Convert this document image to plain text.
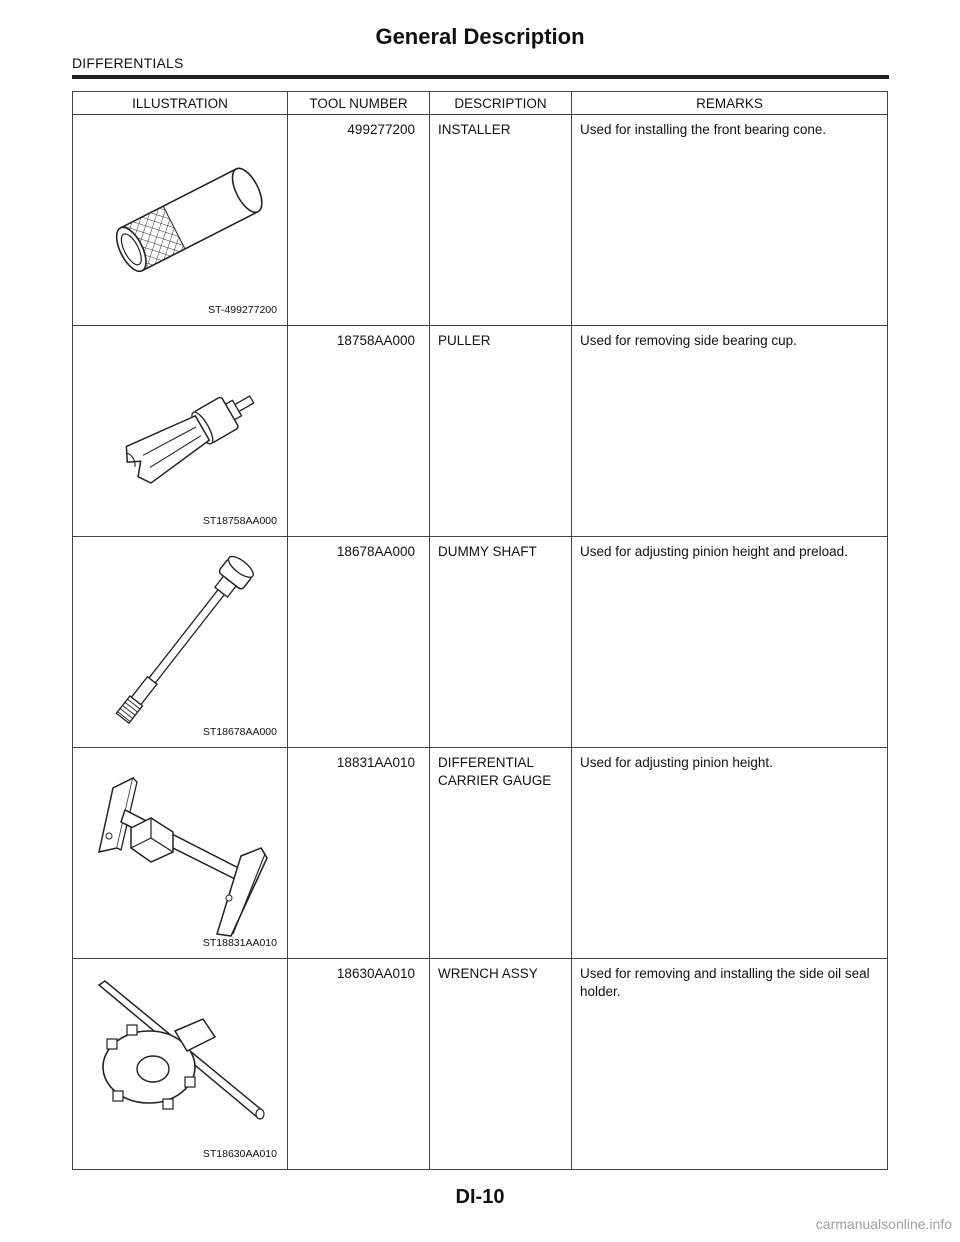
General Description
DIFFERENTIALS
ILLUSTRATION	TOOL NUMBER	DESCRIPTION	REMARKS

ST-499277200	499277200	INSTALLER	Used for installing the front bearing cone.

ST18758AA000	18758AA000	PULLER	Used for removing side bearing cup.

ST18678AA000	18678AA000	DUMMY SHAFT	Used for adjusting pinion height and preload.

ST18831AA010	18831AA010	DIFFERENTIAL CARRIER GAUGE	Used for adjusting pinion height.

ST18630AA010	18630AA010	WRENCH ASSY	Used for removing and installing the side oil seal holder.
DI-10
carmanualsonline.info
